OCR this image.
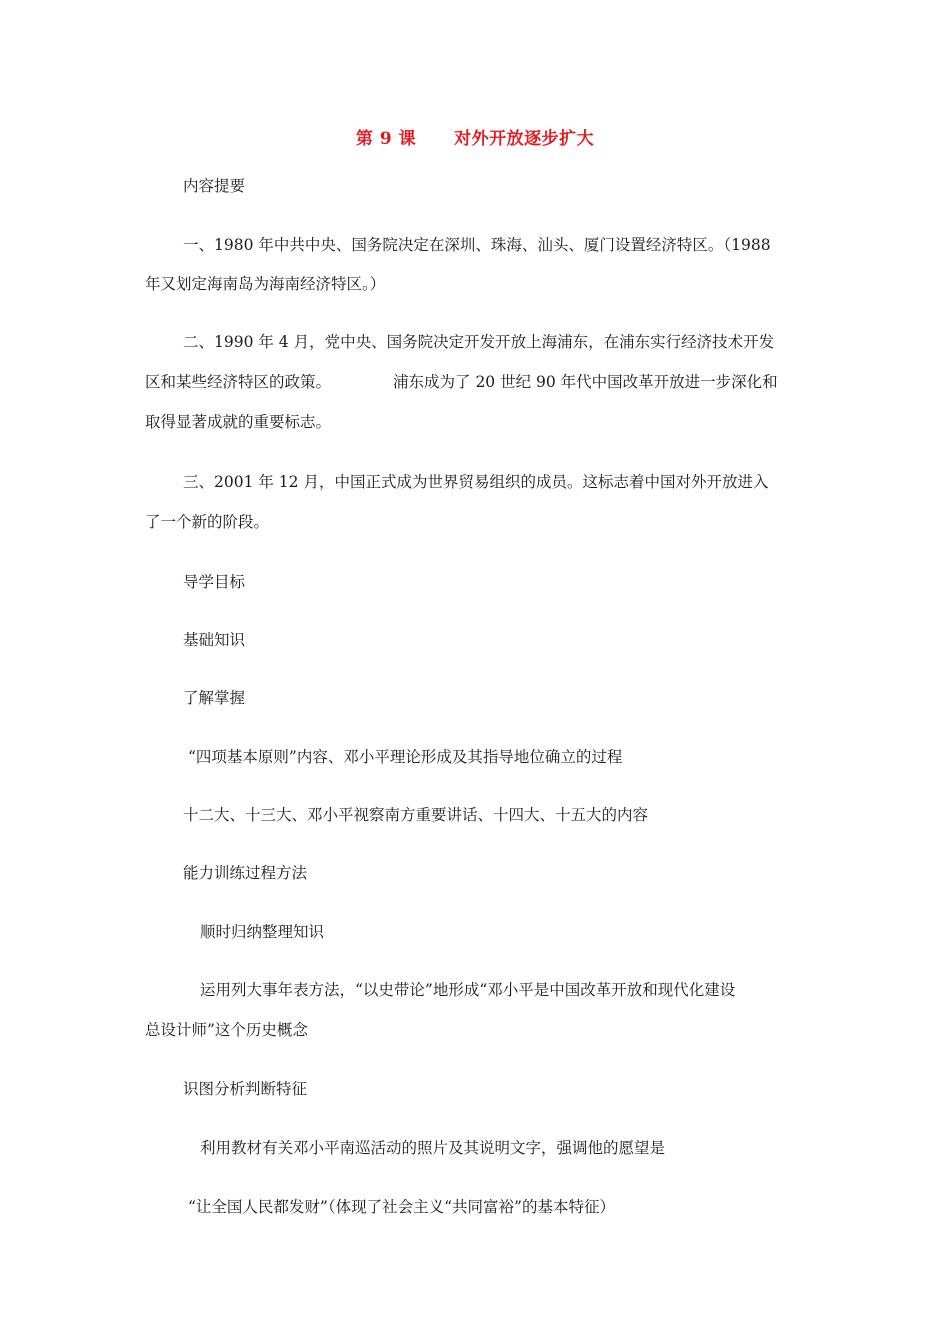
第 9 课 对外开放逐步扩大
内容提要
一、1980 年中共中央、国务院决定在深圳、珠海、汕头、厦门设置经济特区。（1988
年又划定海南岛为海南经济特区。）
二、1990 年 4 月，党中央、国务院决定开发开放上海浦东，在浦东实行经济技术开发
区和某些经济特区的政策。	浦东成为了 20 世纪 90 年代中国改革开放进一步深化和
取得显著成就的重要标志。
三、2001 年 12 月，中国正式成为世界贸易组织的成员。这标志着中国对外开放进入
了一个新的阶段。
导学目标
基础知识
了解掌握
“四项基本原则”内容、邓小平理论形成及其指导地位确立的过程
十二大、十三大、邓小平视察南方重要讲话、十四大、十五大的内容
能力训练过程方法
顺时归纳整理知识
运用列大事年表方法，“以史带论”地形成“邓小平是中国改革开放和现代化建设
总设计师”这个历史概念
识图分析判断特征
利用教材有关邓小平南巡活动的照片及其说明文字，强调他的愿望是
“让全国人民都发财”（体现了社会主义“共同富裕”的基本特征）
